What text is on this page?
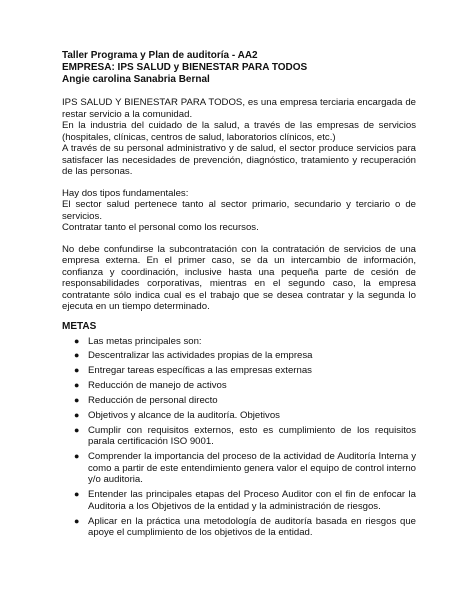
Taller Programa y Plan de auditoría - AA2

EMPRESA: IPS SALUD y BIENESTAR PARA TODOS

Angie carolina Sanabria Bernal

IPS SALUD Y BIENESTAR PARA TODOS, es una empresa terciaria encargada de restar servicio a la comunidad.

En la industria del cuidado de la salud, a través de las empresas de servicios (hospitales, clínicas, centros de salud, laboratorios clínicos, etc.)

A través de su personal administrativo y de salud, el sector produce servicios para satisfacer las necesidades de prevención, diagnóstico, tratamiento y recuperación de las personas.

Hay dos tipos fundamentales:

El sector salud pertenece tanto al sector primario, secundario y terciario o de servicios.

Contratar tanto el personal como los recursos.

No debe confundirse la subcontratación con la contratación de servicios de una empresa externa. En el primer caso, se da un intercambio de información, confianza y coordinación, inclusive hasta una pequeña parte de cesión de responsabilidades corporativas, mientras en el segundo caso, la empresa contratante sólo indica cual es el trabajo que se desea contratar y la segunda lo ejecuta en un tiempo determinado.

METAS

● Las metas principales son:
● Descentralizar las actividades propias de la empresa
● Entregar tareas específicas a las empresas externas
● Reducción de manejo de activos
● Reducción de personal directo
● Objetivos y alcance de la auditoría. Objetivos
● Cumplir con requisitos externos, esto es cumplimiento de los requisitos parala certificación ISO 9001.
● Comprender la importancia del proceso de la actividad de Auditoría Interna y como a partir de este entendimiento genera valor el equipo de control interno y/o auditoria.
● Entender las principales etapas del Proceso Auditor con el fin de enfocar la Auditoria a los Objetivos de la entidad y la administración de riesgos.
● Aplicar en la práctica una metodología de auditoría basada en riesgos que apoye el cumplimiento de los objetivos de la entidad.
